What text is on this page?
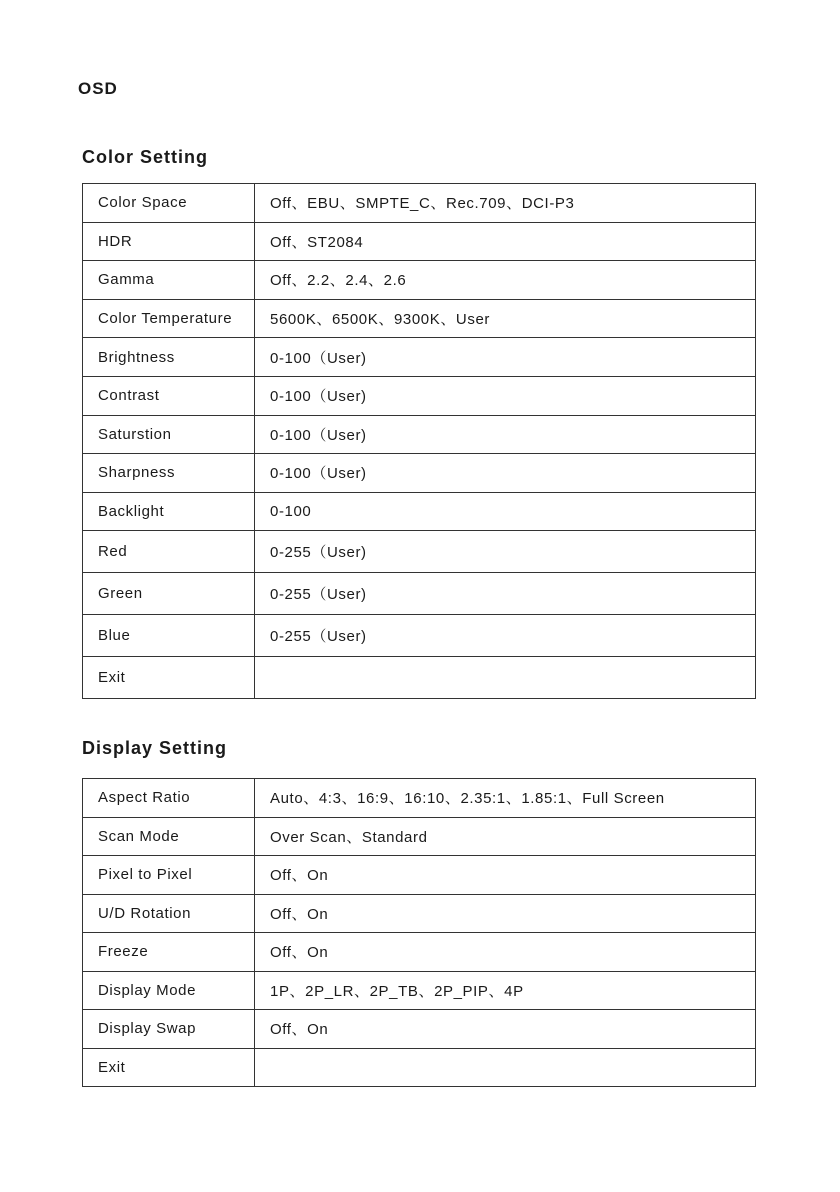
OSD
Color Setting
Color Space	Off、EBU、SMPTE_C、Rec.709、DCI-P3
HDR	Off、ST2084
Gamma	Off、2.2、2.4、2.6
Color Temperature	5600K、6500K、9300K、User
Brightness	0-100（User)
Contrast	0-100（User)
Saturstion	0-100（User)
Sharpness	0-100（User)
Backlight	0-100
Red	0-255（User)
Green	0-255（User)
Blue	0-255（User)
Exit	
Display Setting
Aspect Ratio	Auto、4:3、16:9、16:10、2.35:1、1.85:1、Full Screen
Scan Mode	Over Scan、Standard
Pixel to Pixel	Off、On
U/D Rotation	Off、On
Freeze	Off、On
Display Mode	1P、2P_LR、2P_TB、2P_PIP、4P
Display Swap	Off、On
Exit	
